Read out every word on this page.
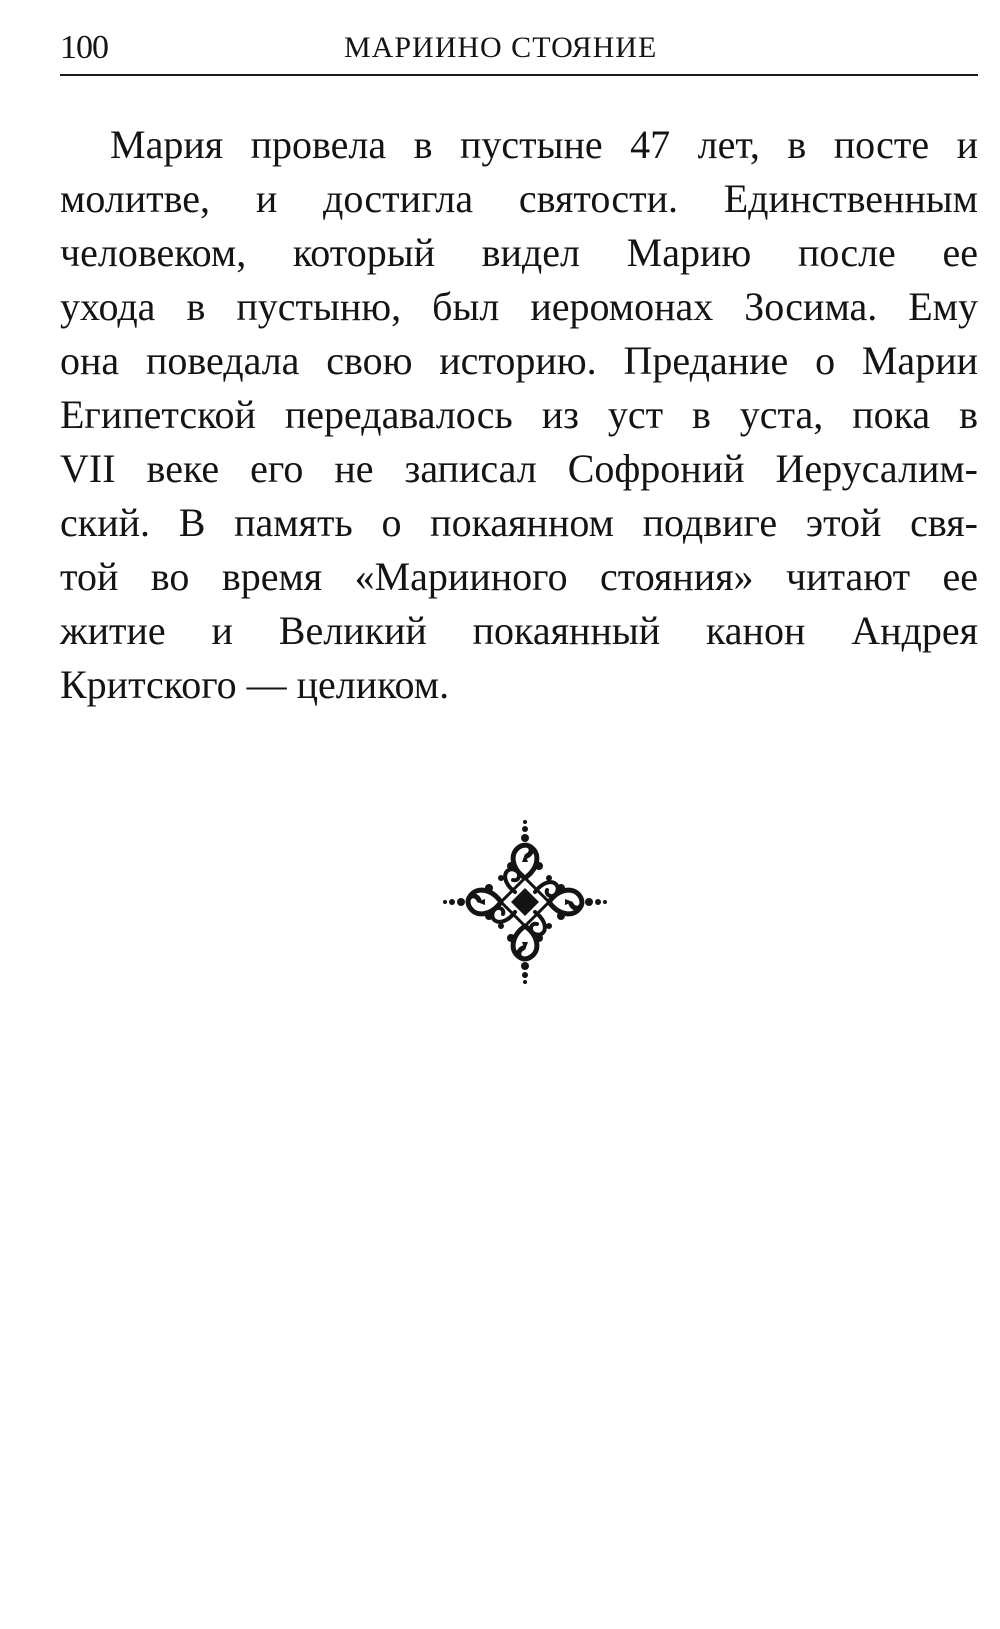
100	МАРИИНО СТОЯНИЕ
Мария провела в пустыне 47 лет, в посте и
молитве, и достигла святости. Единственным
человеком, который видел Марию после ее
ухода в пустыню, был иеромонах Зосима. Ему
она поведала свою историю. Предание о Марии
Египетской передавалось из уст в уста, пока в
VII веке его не записал Софроний Иерусалим-
ский. В память о покаянном подвиге этой свя-
той во время «Марииного стояния» читают ее
житие и Великий покаянный канон Андрея
Критского — целиком.
